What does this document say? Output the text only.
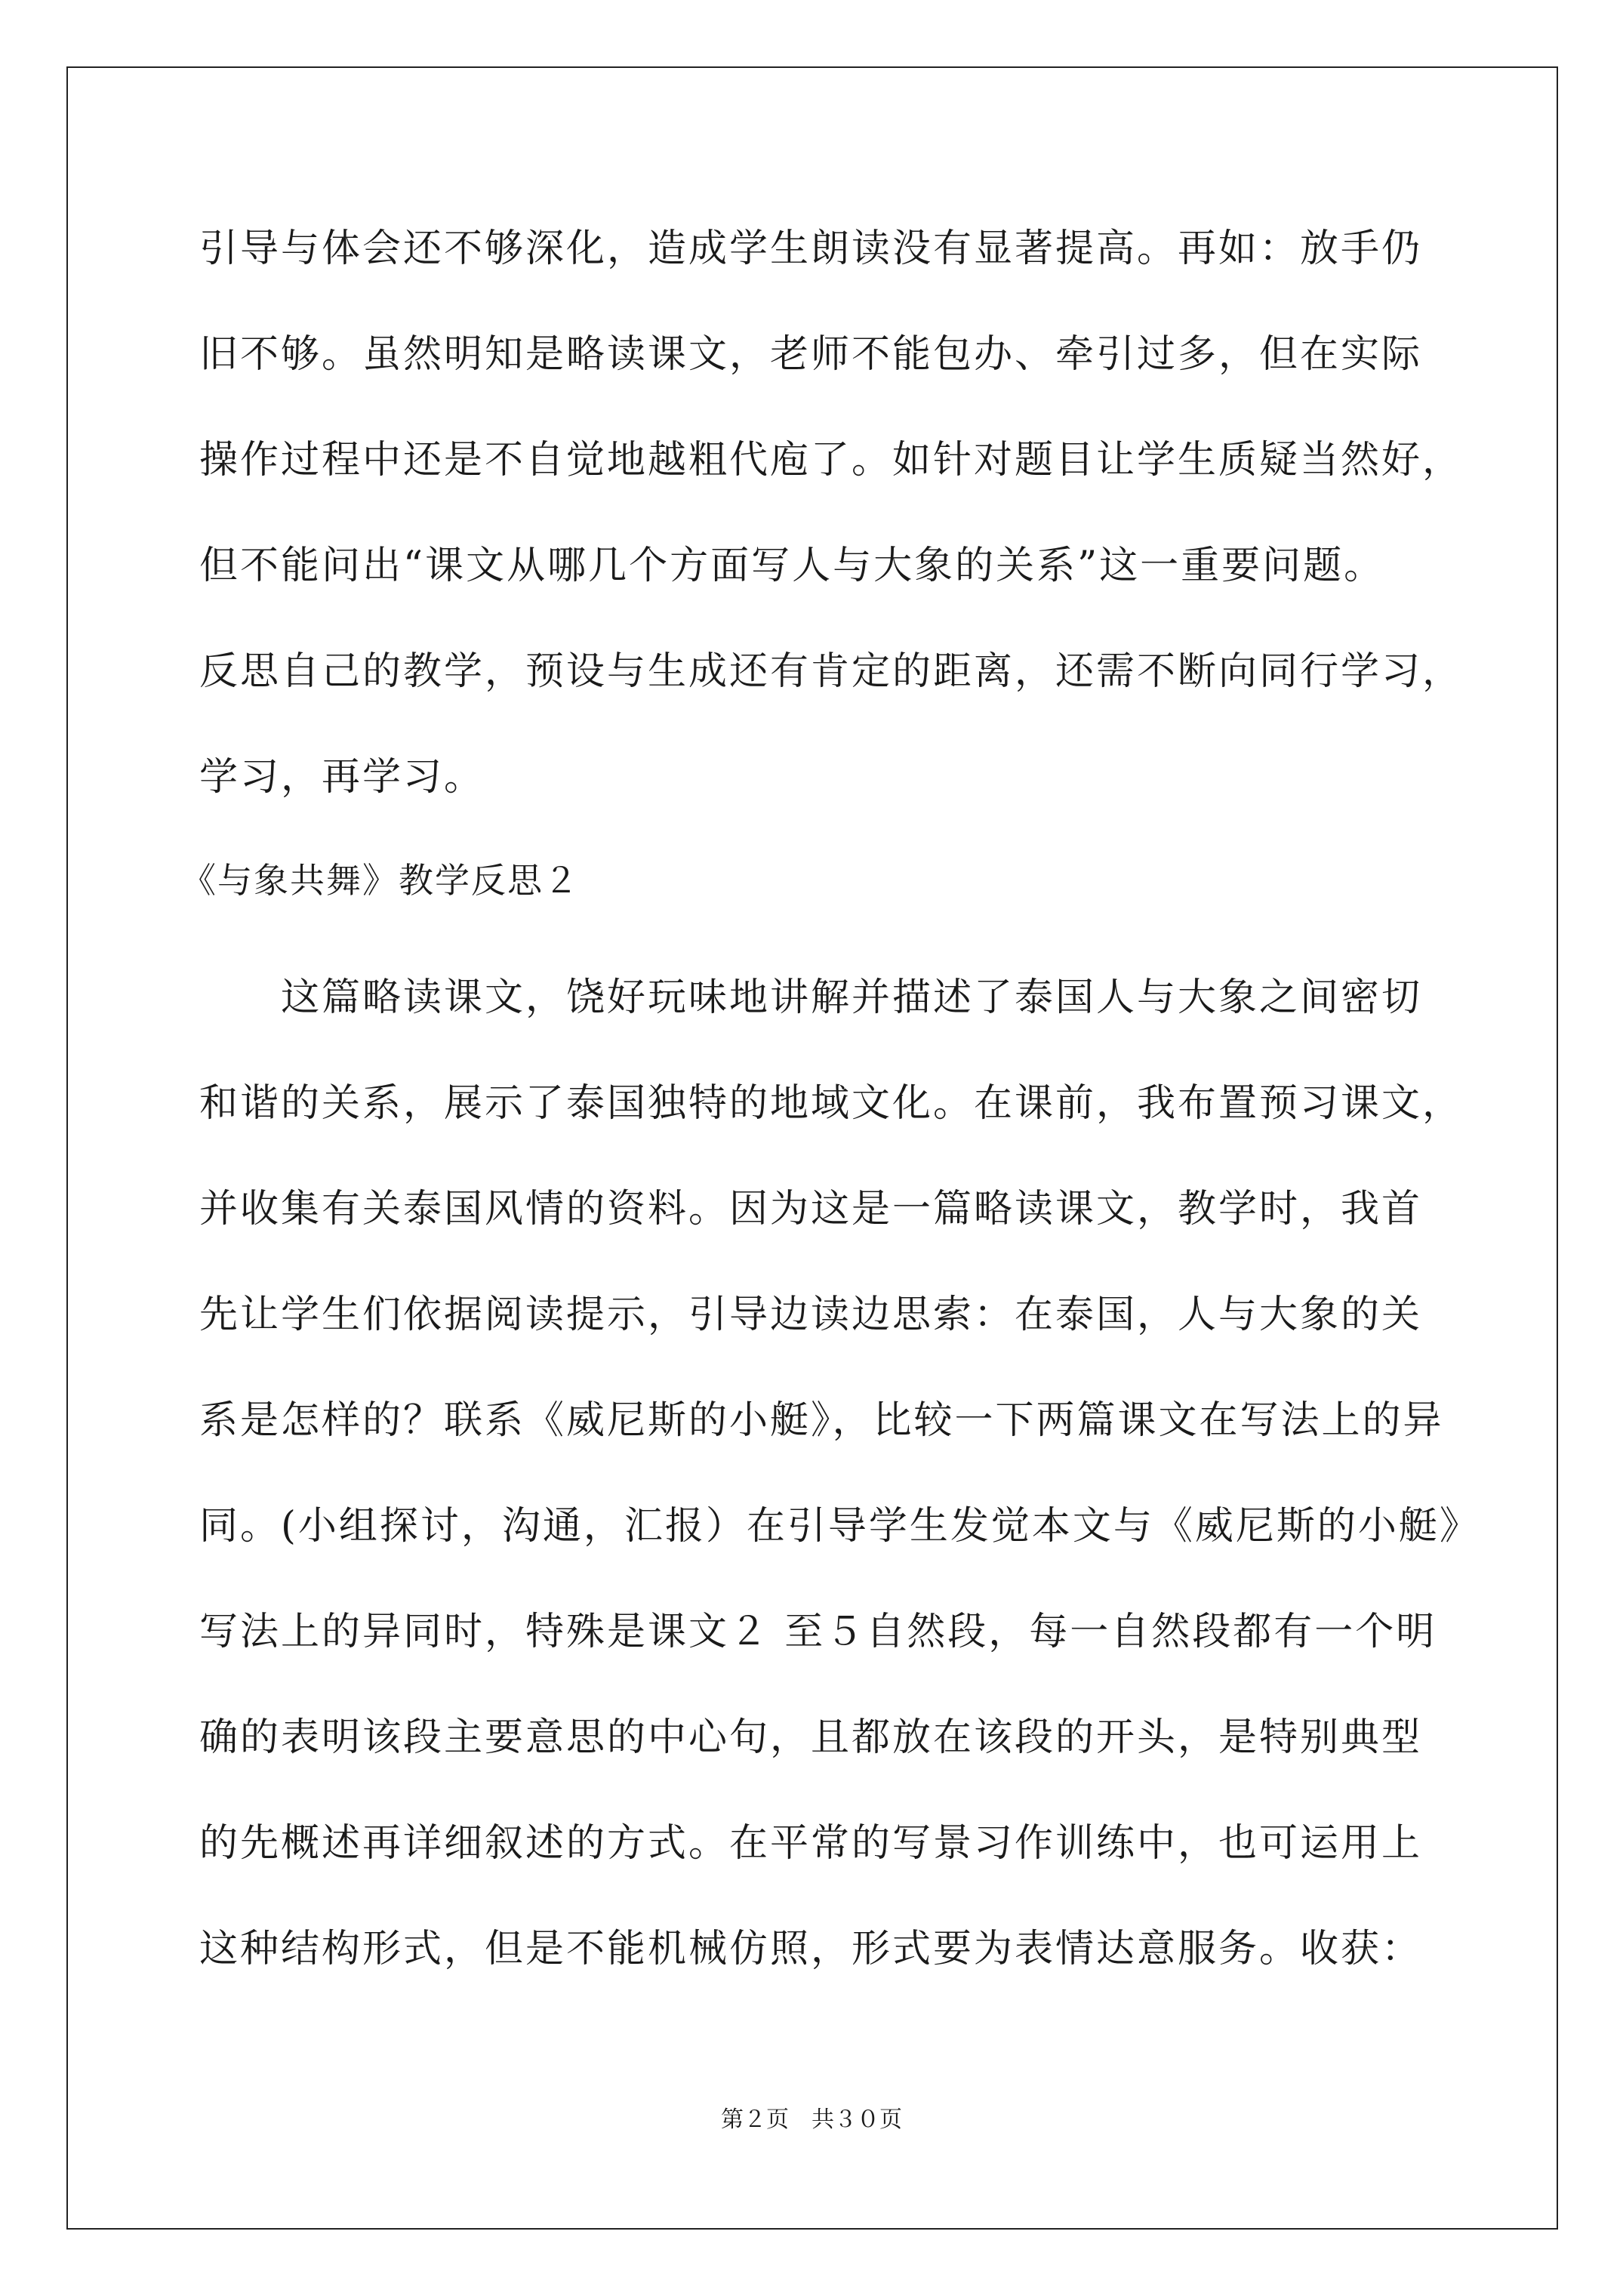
引导与体会还不够深化，造成学生朗读没有显著提高。再如：放手仍
旧不够。虽然明知是略读课文，老师不能包办、牵引过多，但在实际
操作过程中还是不自觉地越粗代庖了。如针对题目让学生质疑当然好，
但不能问出“课文从哪几个方面写人与大象的关系”这一重要问题。
反思自己的教学，预设与生成还有肯定的距离，还需不断向同行学习，
学习，再学习。
《与象共舞》教学反思２
　　这篇略读课文，饶好玩味地讲解并描述了泰国人与大象之间密切
和谐的关系，展示了泰国独特的地域文化。在课前，我布置预习课文，
并收集有关泰国风情的资料。因为这是一篇略读课文，教学时，我首
先让学生们依据阅读提示，引导边读边思索：在泰国，人与大象的关
系是怎样的？联系《威尼斯的小艇》，比较一下两篇课文在写法上的异
同。(小组探讨，沟通，汇报）在引导学生发觉本文与《威尼斯的小艇》
写法上的异同时，特殊是课文２ 至５自然段，每一自然段都有一个明
确的表明该段主要意思的中心句，且都放在该段的开头，是特别典型
的先概述再详细叙述的方式。在平常的写景习作训练中，也可运用上
这种结构形式，但是不能机械仿照，形式要为表情达意服务。收获：
第２页　共３０页
